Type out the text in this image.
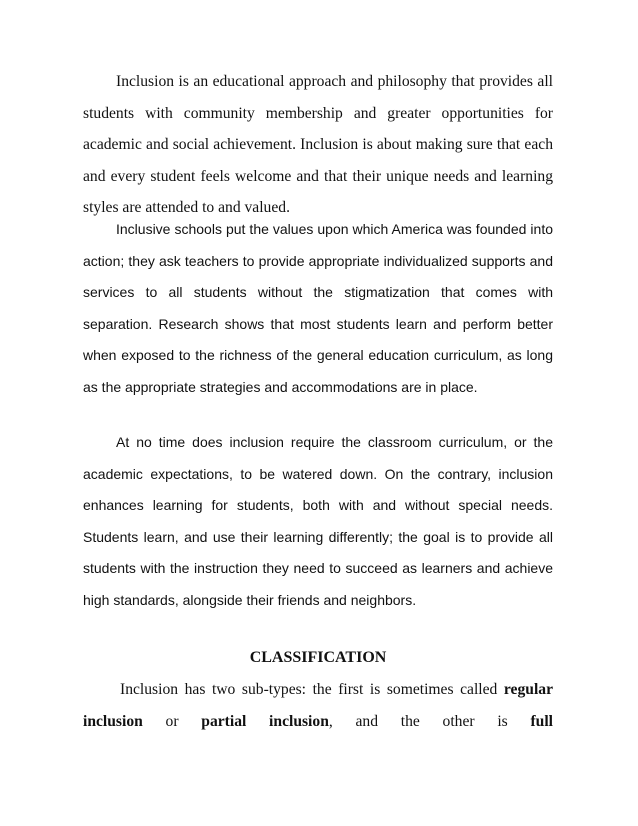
Inclusion is an educational approach and philosophy that provides all students with community membership and greater opportunities for academic and social achievement. Inclusion is about making sure that each and every student feels welcome and that their unique needs and learning styles are attended to and valued.

Inclusive schools put the values upon which America was founded into action; they ask teachers to provide appropriate individualized supports and services to all students without the stigmatization that comes with separation. Research shows that most students learn and perform better when exposed to the richness of the general education curriculum, as long as the appropriate strategies and accommodations are in place.

At no time does inclusion require the classroom curriculum, or the academic expectations, to be watered down. On the contrary, inclusion enhances learning for students, both with and without special needs. Students learn, and use their learning differently; the goal is to provide all students with the instruction they need to succeed as learners and achieve high standards, alongside their friends and neighbors.

CLASSIFICATION

Inclusion has two sub-types: the first is sometimes called regular inclusion or partial inclusion, and the other is full
